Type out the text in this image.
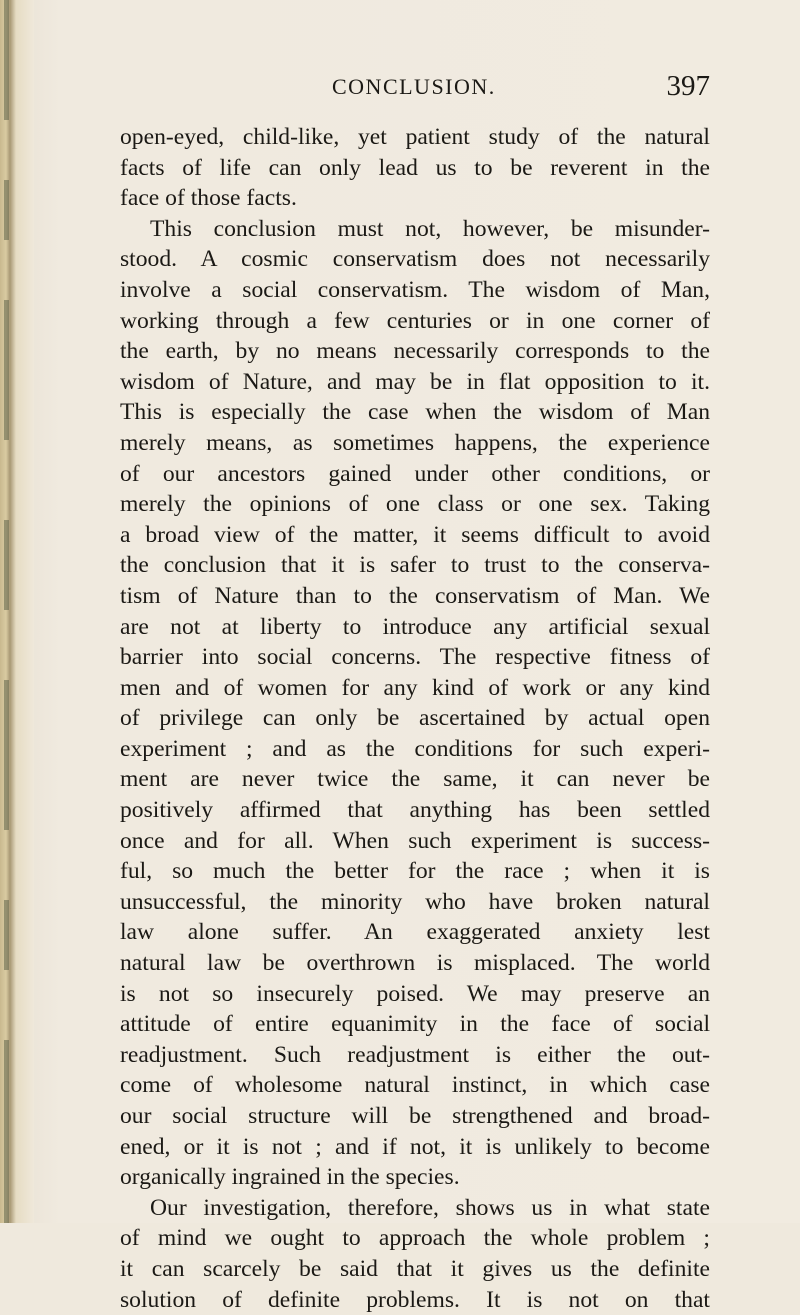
CONCLUSION.	397
open-eyed, child-like, yet patient study of the natural
facts of life can only lead us to be reverent in the
face of those facts.
This conclusion must not, however, be misunder-
stood. A cosmic conservatism does not necessarily
involve a social conservatism. The wisdom of Man,
working through a few centuries or in one corner of
the earth, by no means necessarily corresponds to the
wisdom of Nature, and may be in flat opposition to it.
This is especially the case when the wisdom of Man
merely means, as sometimes happens, the experience
of our ancestors gained under other conditions, or
merely the opinions of one class or one sex. Taking
a broad view of the matter, it seems difficult to avoid
the conclusion that it is safer to trust to the conserva-
tism of Nature than to the conservatism of Man. We
are not at liberty to introduce any artificial sexual
barrier into social concerns. The respective fitness of
men and of women for any kind of work or any kind
of privilege can only be ascertained by actual open
experiment ; and as the conditions for such experi-
ment are never twice the same, it can never be
positively affirmed that anything has been settled
once and for all. When such experiment is success-
ful, so much the better for the race ; when it is
unsuccessful, the minority who have broken natural
law alone suffer. An exaggerated anxiety lest
natural law be overthrown is misplaced. The world
is not so insecurely poised. We may preserve an
attitude of entire equanimity in the face of social
readjustment. Such readjustment is either the out-
come of wholesome natural instinct, in which case
our social structure will be strengthened and broad-
ened, or it is not ; and if not, it is unlikely to become
organically ingrained in the species.
Our investigation, therefore, shows us in what state
of mind we ought to approach the whole problem ;
it can scarcely be said that it gives us the definite
solution of definite problems. It is not on that
